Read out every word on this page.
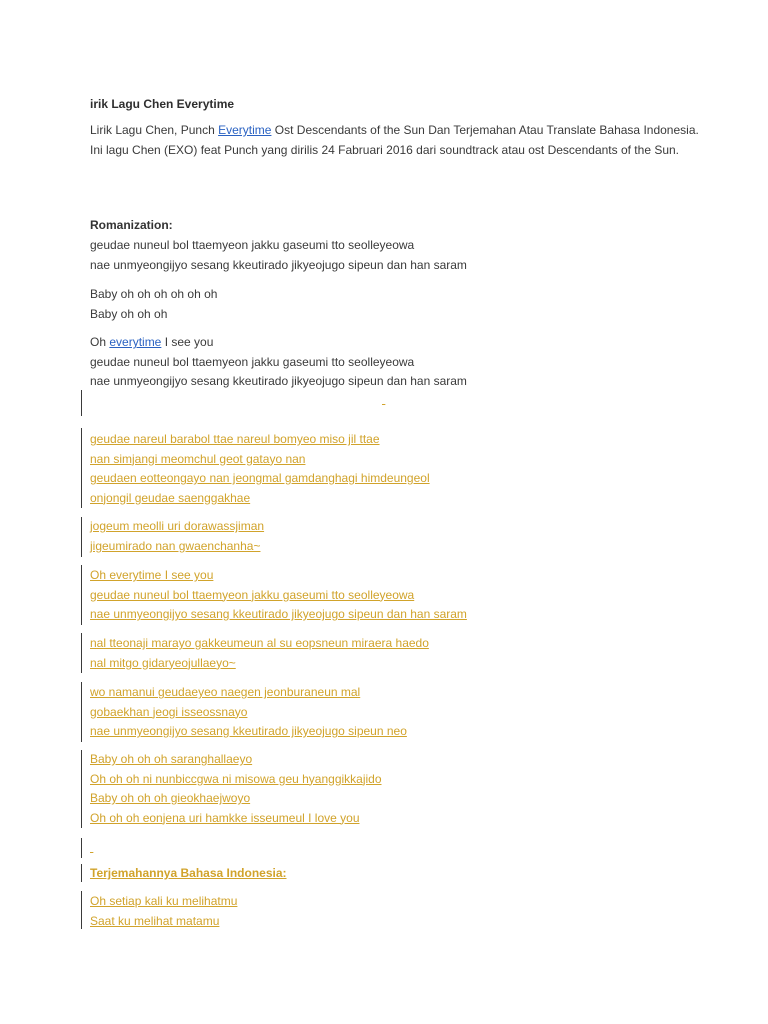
irik Lagu Chen Everytime
Lirik Lagu Chen, Punch Everytime Ost Descendants of the Sun Dan Terjemahan Atau Translate Bahasa Indonesia. Ini lagu Chen (EXO) feat Punch yang dirilis 24 Fabruari 2016 dari soundtrack atau ost Descendants of the Sun.
Romanization:
geudae nuneul bol ttaemyeon jakku gaseumi tto seolleyeowa
nae unmyeongijyo sesang kkeutirado jikyeojugo sipeun dan han saram
Baby oh oh oh oh oh oh
Baby oh oh oh
Oh everytime I see you
geudae nuneul bol ttaemyeon jakku gaseumi tto seolleyeowa
nae unmyeongijyo sesang kkeutirado jikyeojugo sipeun dan han saram

geudae nareul barabol ttae nareul bomyeo miso jil ttae
nan simjangi meomchul geot gatayo nan
geudaen eotteongayo nan jeongmal gamdanghagi himdeungeol
onjongil geudae saenggakhae
jogeum meolli uri dorawassjiman
jigeumirado nan gwaenchanha~
Oh everytime I see you
geudae nuneul bol ttaemyeon jakku gaseumi tto seolleyeowa
nae unmyeongijyo sesang kkeutirado jikyeojugo sipeun dan han saram
nal tteonaji marayo gakkeumeun al su eopsneun miraera haedo
nal mitgo gidaryeojullaeyo~
wo namanui geudaeyeo naegen jeonburaneun mal
gobaekhan jeogi isseossnayo
nae unmyeongijyo sesang kkeutirado jikyeojugo sipeun neo
Baby oh oh oh saranghallaeyo
Oh oh oh ni nunbiccgwa ni misowa geu hyanggikkajido
Baby oh oh oh gieokhaejwoyo
Oh oh oh eonjena uri hamkke isseumeul I love you

Terjemahannya Bahasa Indonesia:
Oh setiap kali ku melihatmu
Saat ku melihat matamu
